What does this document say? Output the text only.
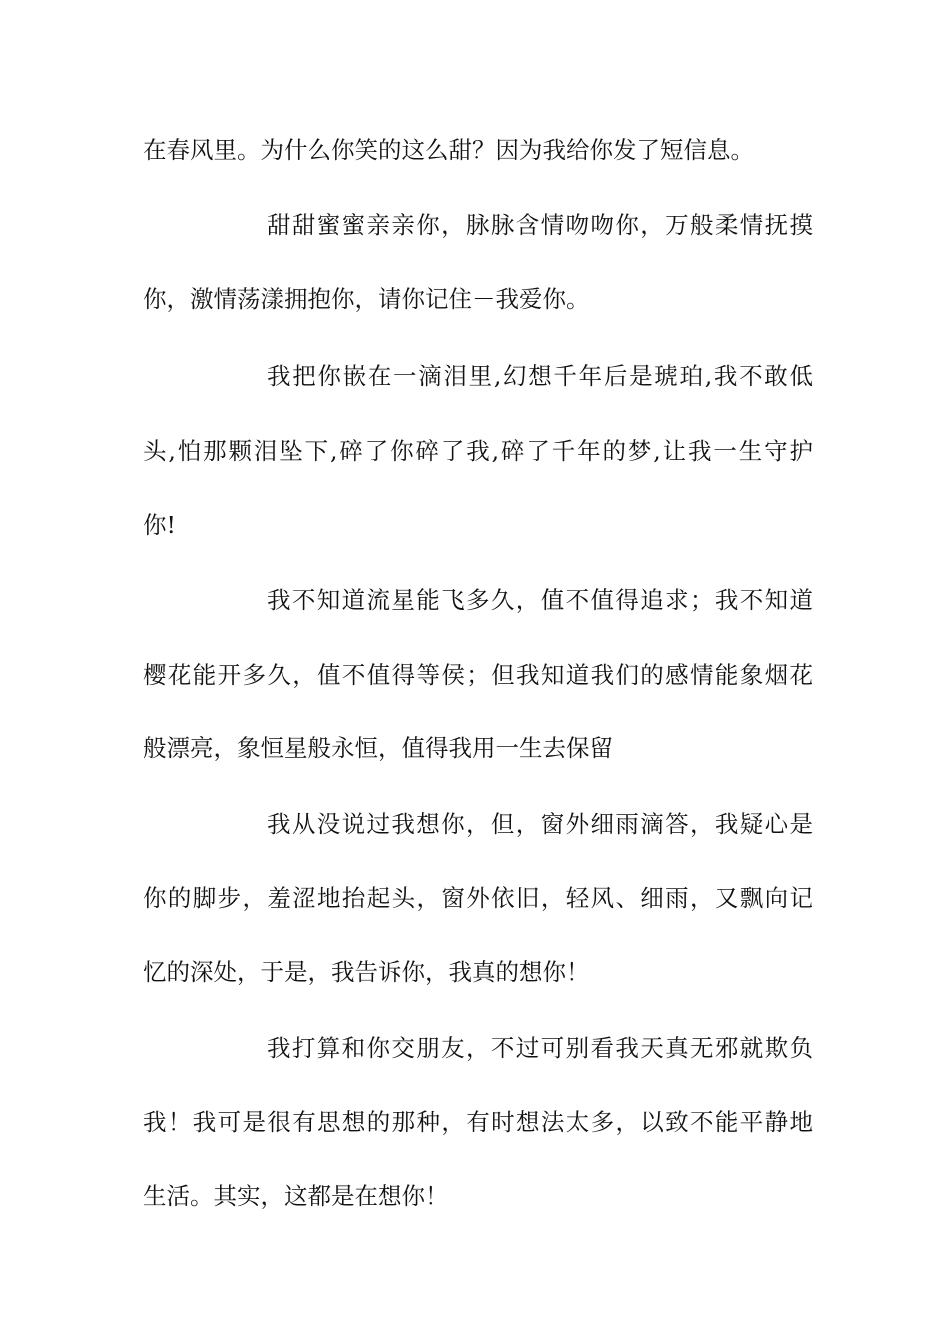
在春风里。为什么你笑的这么甜？因为我给你发了短信息。
甜甜蜜蜜亲亲你，脉脉含情吻吻你，万般柔情抚摸
你，激情荡漾拥抱你，请你记住－我爱你。
我把你嵌在一滴泪里,幻想千年后是琥珀,我不敢低
头,怕那颗泪坠下,碎了你碎了我,碎了千年的梦,让我一生守护
你!
我不知道流星能飞多久，值不值得追求；我不知道
樱花能开多久，值不值得等侯；但我知道我们的感情能象烟花
般漂亮，象恒星般永恒，值得我用一生去保留
我从没说过我想你，但，窗外细雨滴答，我疑心是
你的脚步，羞涩地抬起头，窗外依旧，轻风、细雨，又飘向记
忆的深处，于是，我告诉你，我真的想你！
我打算和你交朋友，不过可别看我天真无邪就欺负
我！我可是很有思想的那种，有时想法太多，以致不能平静地
生活。其实，这都是在想你！
